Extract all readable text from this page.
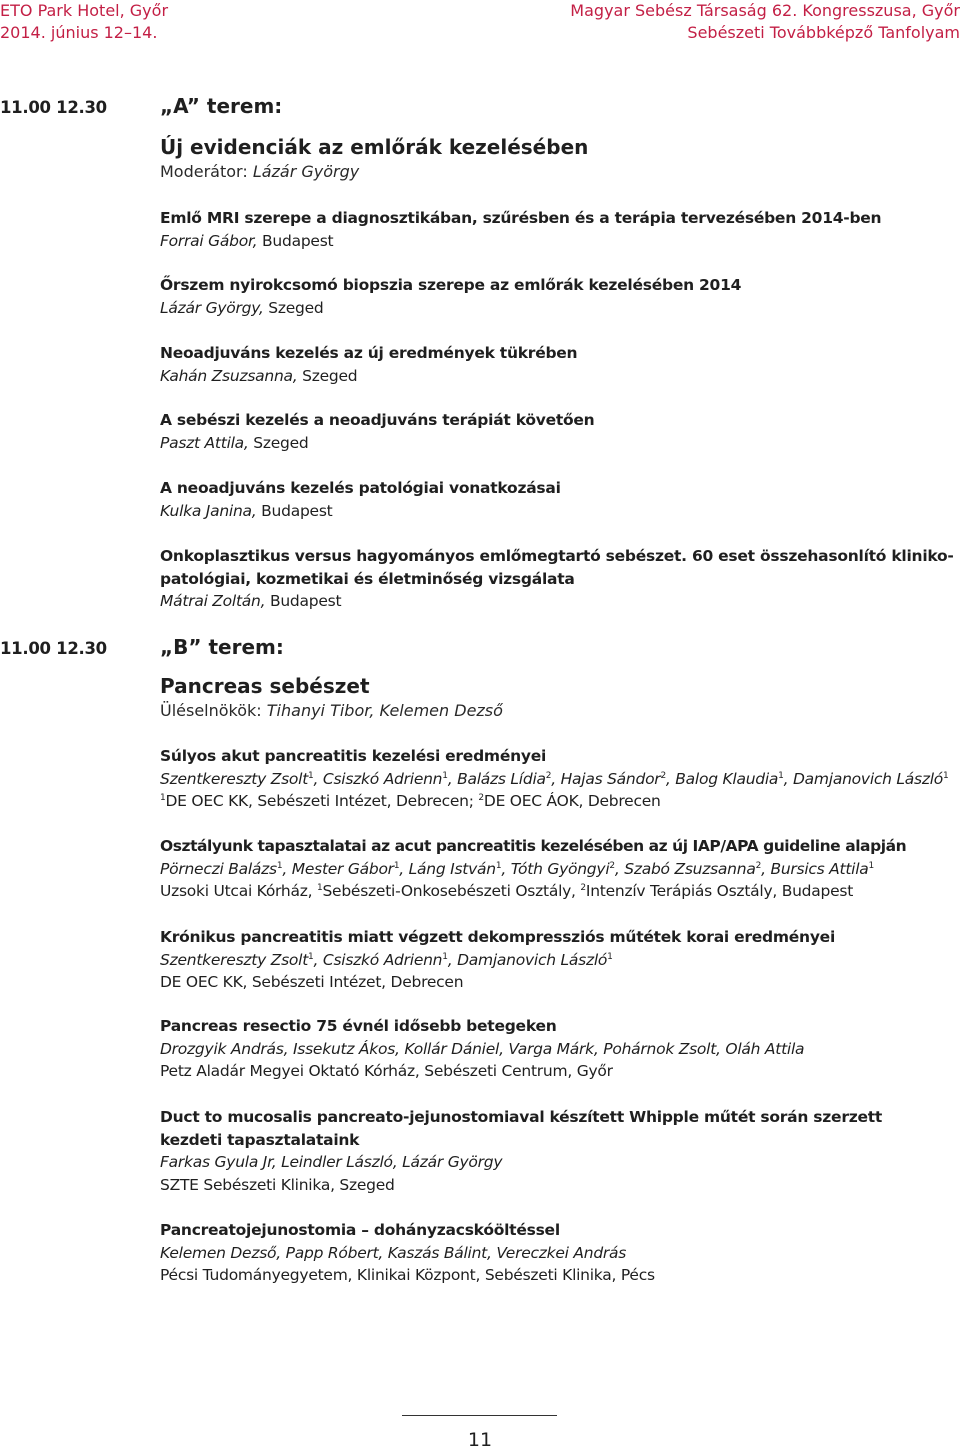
ETO Park Hotel, Győr
2014. június 12–14.
Magyar Sebész Társaság 62. Kongresszusa, Győr
Sebészeti Továbbképző Tanfolyam
11.00 12.30	„A” terem:
Új evidenciák az emlőrák kezelésében
Moderátor: Lázár György
Emlő MRI szerepe a diagnosztikában, szűrésben és a terápia tervezésében 2014-ben
Forrai Gábor, Budapest
Őrszem nyirokcsomó biopszia szerepe az emlőrák kezelésében 2014
Lázár György, Szeged
Neoadjuváns kezelés az új eredmények tükrében
Kahán Zsuzsanna, Szeged
A sebészi kezelés a neoadjuváns terápiát követően
Paszt Attila, Szeged
A neoadjuváns kezelés patológiai vonatkozásai
Kulka Janina, Budapest
Onkoplasztikus versus hagyományos emlőmegtartó sebészet. 60 eset összehasonlító kliniko-patológiai, kozmetikai és életminőség vizsgálata
Mátrai Zoltán, Budapest
11.00 12.30	„B” terem:
Pancreas sebészet
Üléselnökök: Tihanyi Tibor, Kelemen Dezső
Súlyos akut pancreatitis kezelési eredményei
Szentkereszty Zsolt$^1$, Csiszkó Adrienn$^1$, Balázs Lídia$^2$, Hajas Sándor$^2$, Balog Klaudia$^1$, Damjanovich László$^1$
$^1$DE OEC KK, Sebészeti Intézet, Debrecen; $^2$DE OEC ÁOK, Debrecen
Osztályunk tapasztalatai az acut pancreatitis kezelésében az új IAP/APA guideline alapján
Pörneczi Balázs$^1$, Mester Gábor$^1$, Láng István$^1$, Tóth Gyöngyi$^2$, Szabó Zsuzsanna$^2$, Bursics Attila$^1$
Uzsoki Utcai Kórház, $^1$Sebészeti-Onkosebészeti Osztály, $^2$Intenzív Terápiás Osztály, Budapest
Krónikus pancreatitis miatt végzett dekompressziós műtétek korai eredményei
Szentkereszty Zsolt$^1$, Csiszkó Adrienn$^1$, Damjanovich László$^1$
DE OEC KK, Sebészeti Intézet, Debrecen
Pancreas resectio 75 évnél idősebb betegeken
Drozgyik András, Issekutz Ákos, Kollár Dániel, Varga Márk, Pohárnok Zsolt, Oláh Attila
Petz Aladár Megyei Oktató Kórház, Sebészeti Centrum, Győr
Duct to mucosalis pancreato-jejunostomiaval készített Whipple műtét során szerzett kezdeti tapasztalataink
Farkas Gyula Jr, Leindler László, Lázár György
SZTE Sebészeti Klinika, Szeged
Pancreatojejunostomia – dohányzacskóöltéssel
Kelemen Dezső, Papp Róbert, Kaszás Bálint, Vereczkei András
Pécsi Tudományegyetem, Klinikai Központ, Sebészeti Klinika, Pécs
11
